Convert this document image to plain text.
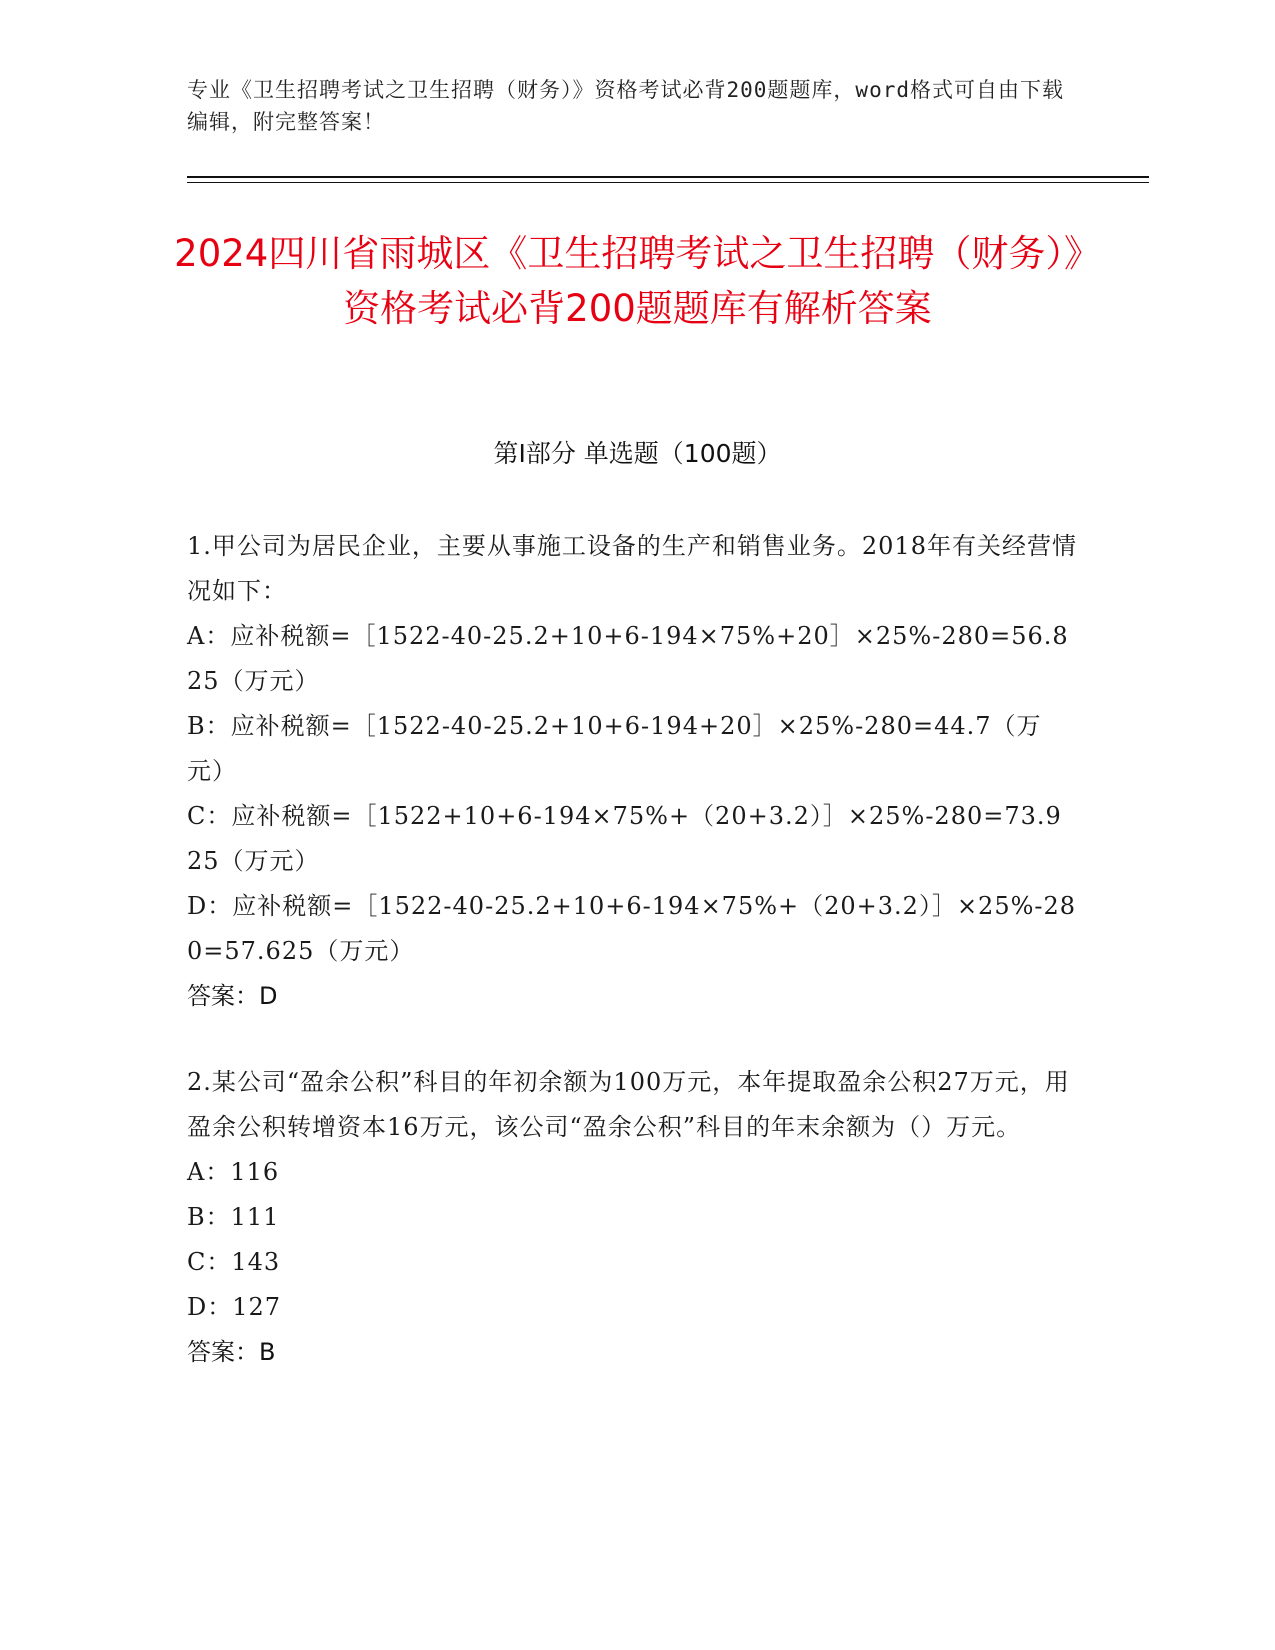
专业《卫生招聘考试之卫生招聘（财务）》资格考试必背200题题库，word格式可自由下载编辑，附完整答案！
2024四川省雨城区《卫生招聘考试之卫生招聘（财务）》资格考试必背200题题库有解析答案
第Ⅰ部分 单选题（100题）

1.甲公司为居民企业，主要从事施工设备的生产和销售业务。2018年有关经营情况如下：

A：应补税额=［1522-40-25.2+10+6-194×75%+20］×25%-280=56.825（万元）

B：应补税额=［1522-40-25.2+10+6-194+20］×25%-280=44.7（万元）

C：应补税额=［1522+10+6-194×75%+（20+3.2）］×25%-280=73.925（万元）

D：应补税额=［1522-40-25.2+10+6-194×75%+（20+3.2）］×25%-280=57.625（万元）

答案：D

2.某公司“盈余公积”科目的年初余额为100万元，本年提取盈余公积27万元，用盈余公积转增资本16万元，该公司“盈余公积”科目的年末余额为（）万元。

A：116

B：111

C：143

D：127

答案：B
